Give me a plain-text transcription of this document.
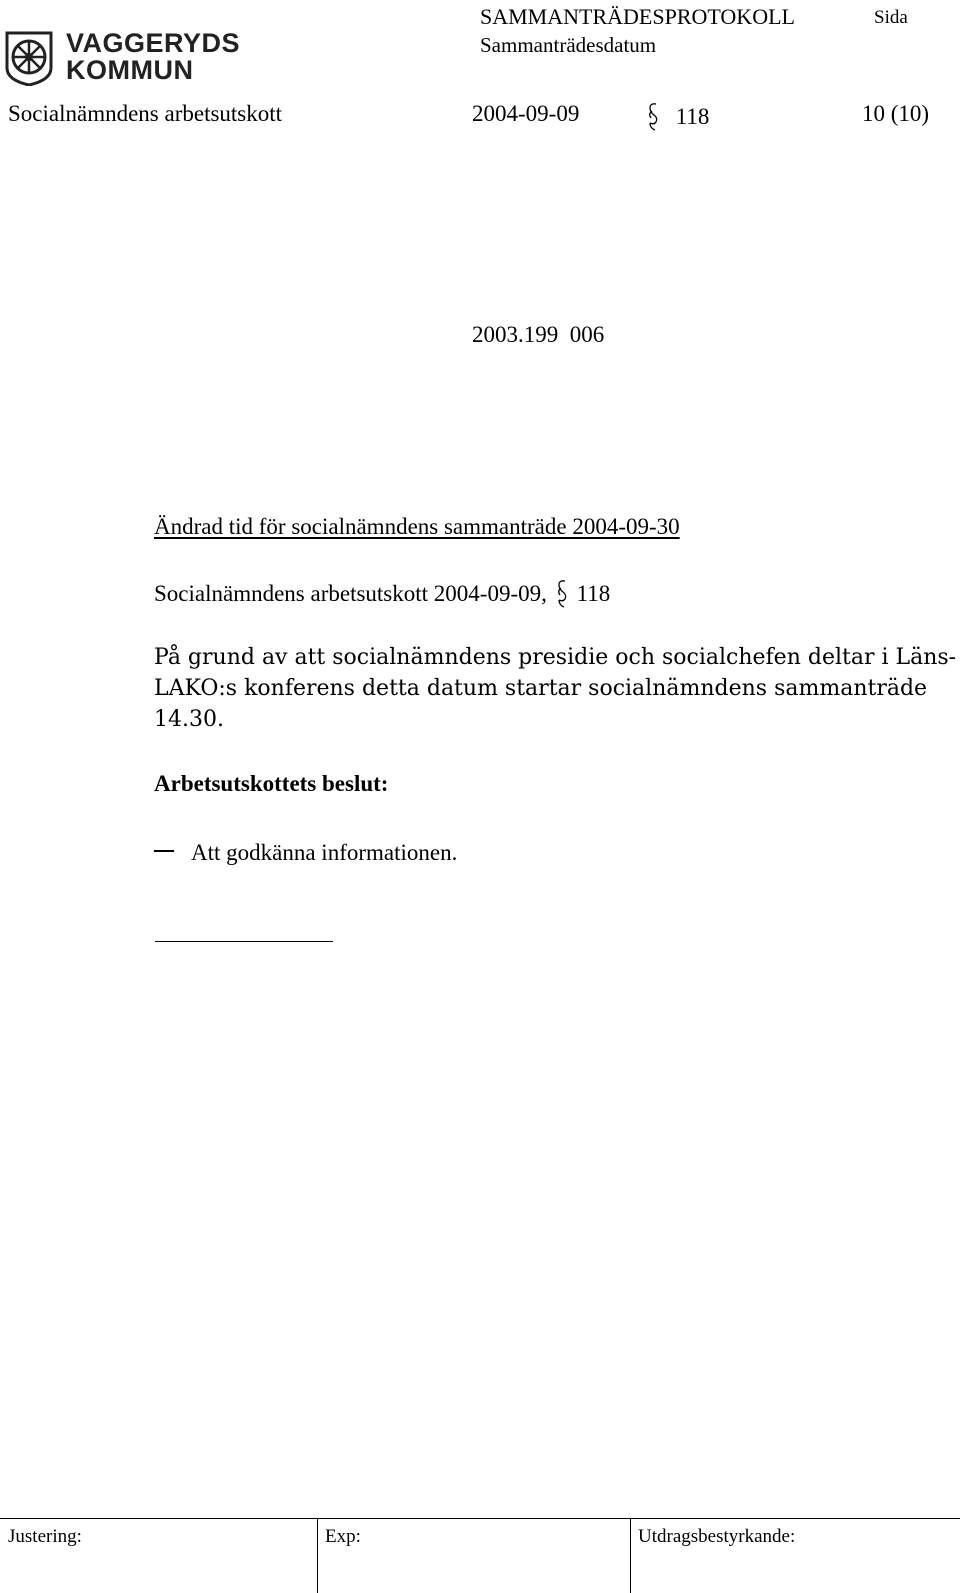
VAGGERYDS
KOMMUN
SAMMANTRÄDESPROTOKOLL	Sida
Sammanträdesdatum
Socialnämndens arbetsutskott	2004-09-09	118	10 (10)
2003.199  006
Ändrad tid för socialnämndens sammanträde 2004-09-30
Socialnämndens arbetsutskott 2004-09-09, 118
På grund av att socialnämndens presidie och socialchefen deltar i Läns-
LAKO:s konferens detta datum startar socialnämndens sammanträde
14.30.
Arbetsutskottets beslut:
Att godkänna informationen.
Justering:	Exp:	Utdragsbestyrkande:
